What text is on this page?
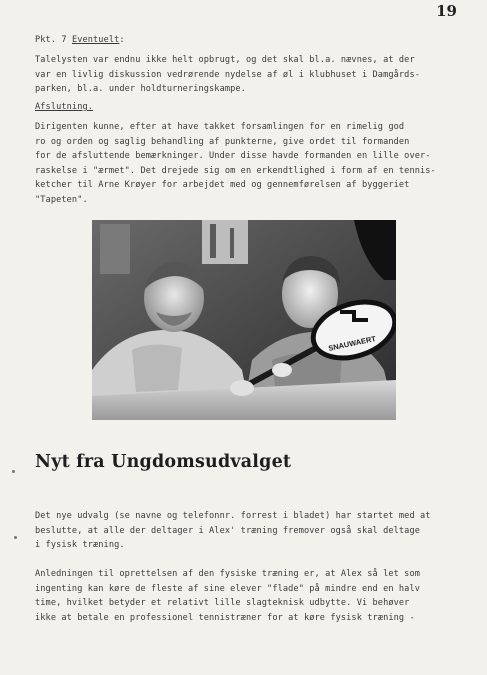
19
Pkt. 7 Eventuelt:
Talelysten var endnu ikke helt opbrugt, og det skal bl.a. nævnes, at der
var en livlig diskussion vedrørende nydelse af øl i klubhuset i Damgårds-
parken, bl.a. under holdturneringskampe.
Afslutning.
Dirigenten kunne, efter at have takket forsamlingen for en rimelig god
ro og orden og saglig behandling af punkterne, give ordet til formanden
for de afsluttende bemærkninger. Under disse havde formanden en lille over-
raskelse i "ærmet". Det drejede sig om en erkendtlighed i form af en tennis-
ketcher til Arne Krøyer for arbejdet med og gennemførelsen af byggeriet
"Tapeten".
SNAUWAERT
Nyt fra Ungdomsudvalget
Det nye udvalg (se navne og telefonnr. forrest i bladet) har startet med at
beslutte, at alle der deltager i Alex' træning fremover også skal deltage
i fysisk træning.
Anledningen til oprettelsen af den fysiske træning er, at Alex så let som
ingenting kan køre de fleste af sine elever "flade" på mindre end en halv
time, hvilket betyder et relativt lille slagteknisk udbytte. Vi behøver
ikke at betale en professionel tennistræner for at køre fysisk træning -
